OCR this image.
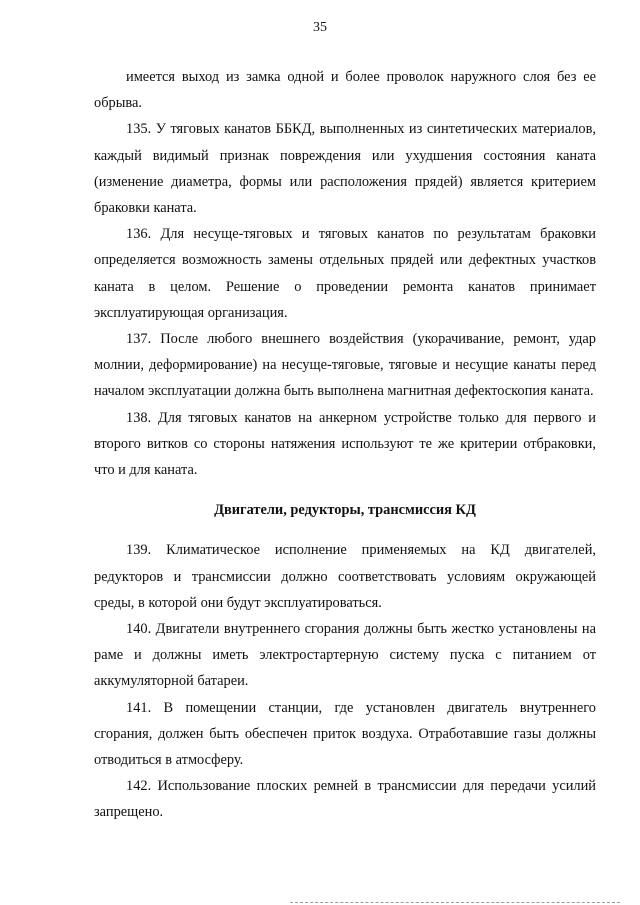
35

имеется выход из замка одной и более проволок наружного слоя без ее обрыва.

135. У тяговых канатов ББКД, выполненных из синтетических материалов, каждый видимый признак повреждения или ухудшения состояния каната (изменение диаметра, формы или расположения прядей) является критерием браковки каната.

136. Для несуще-тяговых и тяговых канатов по результатам браковки определяется возможность замены отдельных прядей или дефектных участков каната в целом. Решение о проведении ремонта канатов принимает эксплуатирующая организация.

137. После любого внешнего воздействия (укорачивание, ремонт, удар молнии, деформирование) на несуще-тяговые, тяговые и несущие канаты перед началом эксплуатации должна быть выполнена магнитная дефектоскопия каната.

138. Для тяговых канатов на анкерном устройстве только для первого и второго витков со стороны натяжения используют те же критерии отбраковки, что и для каната.

Двигатели, редукторы, трансмиссия КД

139. Климатическое исполнение применяемых на КД двигателей, редукторов и трансмиссии должно соответствовать условиям окружающей среды, в которой они будут эксплуатироваться.

140. Двигатели внутреннего сгорания должны быть жестко установлены на раме и должны иметь электростартерную систему пуска с питанием от аккумуляторной батареи.

141. В помещении станции, где установлен двигатель внутреннего сгорания, должен быть обеспечен приток воздуха. Отработавшие газы должны отводиться в атмосферу.

142. Использование плоских ремней в трансмиссии для передачи усилий запрещено.
